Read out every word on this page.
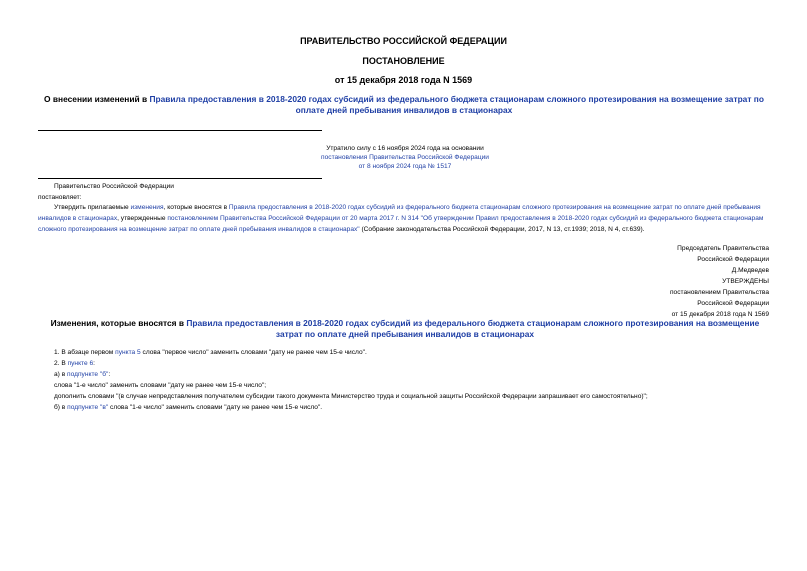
ПРАВИТЕЛЬСТВО РОССИЙСКОЙ ФЕДЕРАЦИИ
ПОСТАНОВЛЕНИЕ
от 15 декабря 2018 года N 1569
О внесении изменений в Правила предоставления в 2018-2020 годах субсидий из федерального бюджета стационарам сложного протезирования на возмещение затрат по оплате дней пребывания инвалидов в стационарах
Утратило силу с 16 ноября 2024 года на основании
постановления Правительства Российской Федерации
от 8 ноября 2024 года № 1517
Правительство Российской Федерации
постановляет:
Утвердить прилагаемые изменения, которые вносятся в Правила предоставления в 2018-2020 годах субсидий из федерального бюджета стационарам сложного протезирования на возмещение затрат по оплате дней пребывания инвалидов в стационарах, утвержденные постановлением Правительства Российской Федерации от 20 марта 2017 г. N 314 "Об утверждении Правил предоставления в 2018-2020 годах субсидий из федерального бюджета стационарам сложного протезирования на возмещение затрат по оплате дней пребывания инвалидов в стационарах" (Собрание законодательства Российской Федерации, 2017, N 13, ст.1939; 2018, N 4, ст.639).
Председатель Правительства
Российской Федерации
Д.Медведев
УТВЕРЖДЕНЫ
постановлением Правительства
Российской Федерации
от 15 декабря 2018 года N 1569
Изменения, которые вносятся в Правила предоставления в 2018-2020 годах субсидий из федерального бюджета стационарам сложного протезирования на возмещение затрат по оплате дней пребывания инвалидов в стационарах
1. В абзаце первом пункта 5 слова "первое число" заменить словами "дату не ранее чем 15-е число".
2. В пункте 6:
а) в подпункте "б":
слова "1-е число" заменить словами "дату не ранее чем 15-е число";
дополнить словами "(в случае непредставления получателем субсидии такого документа Министерство труда и социальной защиты Российской Федерации запрашивает его самостоятельно)";
б) в подпункте "в" слова "1-е число" заменить словами "дату не ранее чем 15-е число".
